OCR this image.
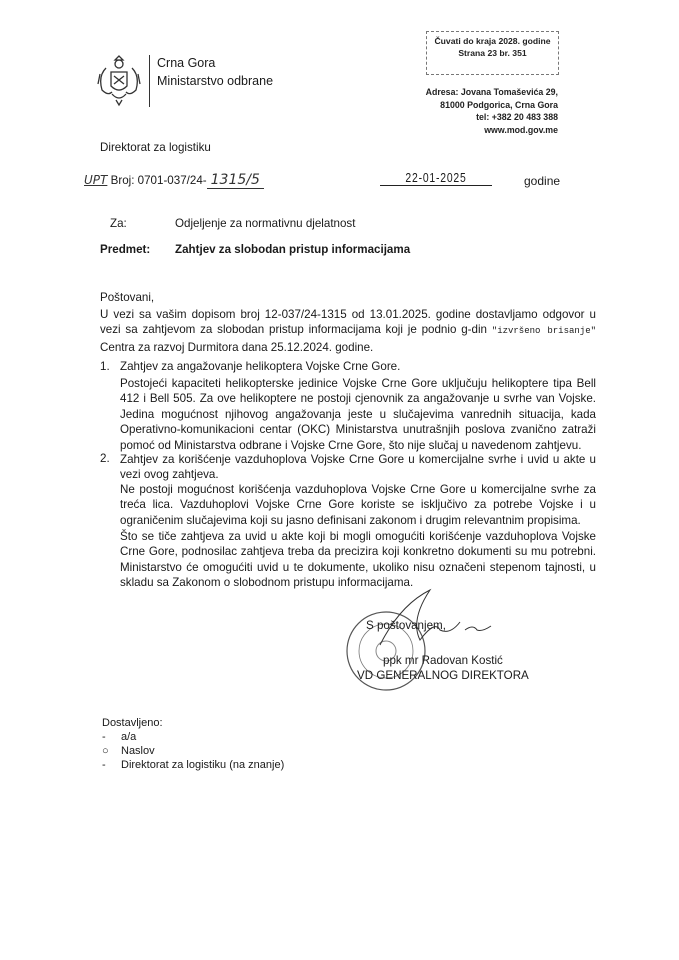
Crna Gora
Ministarstvo odbrane
Čuvati do kraja 2028. godine
Strana 23 br. 351
Adresa: Jovana Tomaševića 29,
81000 Podgorica, Crna Gora
tel: +382 20 483 388
www.mod.gov.me
Direktorat za logistiku
UPT Broj: 0701-037/24- 1315/5	22-01-2025	godine
Za:	Odjeljenje za normativnu djelatnost
Predmet: Zahtjev za slobodan pristup informacijama
Poštovani,
U vezi sa vašim dopisom broj 12-037/24-1315 od 13.01.2025. godine dostavljamo odgovor u vezi sa zahtjevom za slobodan pristup informacijama koji je podnio g-din "izvršeno brisanje" Centra za razvoj Durmitora dana 25.12.2024. godine.
1. Zahtjev za angažovanje helikoptera Vojske Crne Gore.
Postojeći kapaciteti helikopterske jedinice Vojske Crne Gore uključuju helikoptere tipa Bell 412 i Bell 505. Za ove helikoptere ne postoji cjenovnik za angažovanje u svrhe van Vojske. Jedina mogućnost njihovog angažovanja jeste u slučajevima vanrednih situacija, kada Operativno-komunikacioni centar (OKC) Ministarstva unutrašnjih poslova zvanično zatraži pomoć od Ministarstva odbrane i Vojske Crne Gore, što nije slučaj u navedenom zahtjevu.
2. Zahtjev za korišćenje vazduhoplova Vojske Crne Gore u komercijalne svrhe i uvid u akte u vezi ovog zahtjeva.
Ne postoji mogućnost korišćenja vazduhoplova Vojske Crne Gore u komercijalne svrhe za treća lica. Vazduhoplovi Vojske Crne Gore koriste se isključivo za potrebe Vojske i u ograničenim slučajevima koji su jasno definisani zakonom i drugim relevantnim propisima.
Što se tiče zahtjeva za uvid u akte koji bi mogli omogućiti korišćenje vazduhoplova Vojske Crne Gore, podnosilac zahtjeva treba da precizira koji konkretno dokumenti su mu potrebni. Ministarstvo će omogućiti uvid u te dokumente, ukoliko nisu označeni stepenom tajnosti, u skladu sa Zakonom o slobodnom pristupu informacijama.
S poštovanjem,
ppk mr Radovan Kostić
VD GENERALNOG DIREKTORA
Dostavljeno:
- a/a
○ Naslov
- Direktorat za logistiku (na znanje)
